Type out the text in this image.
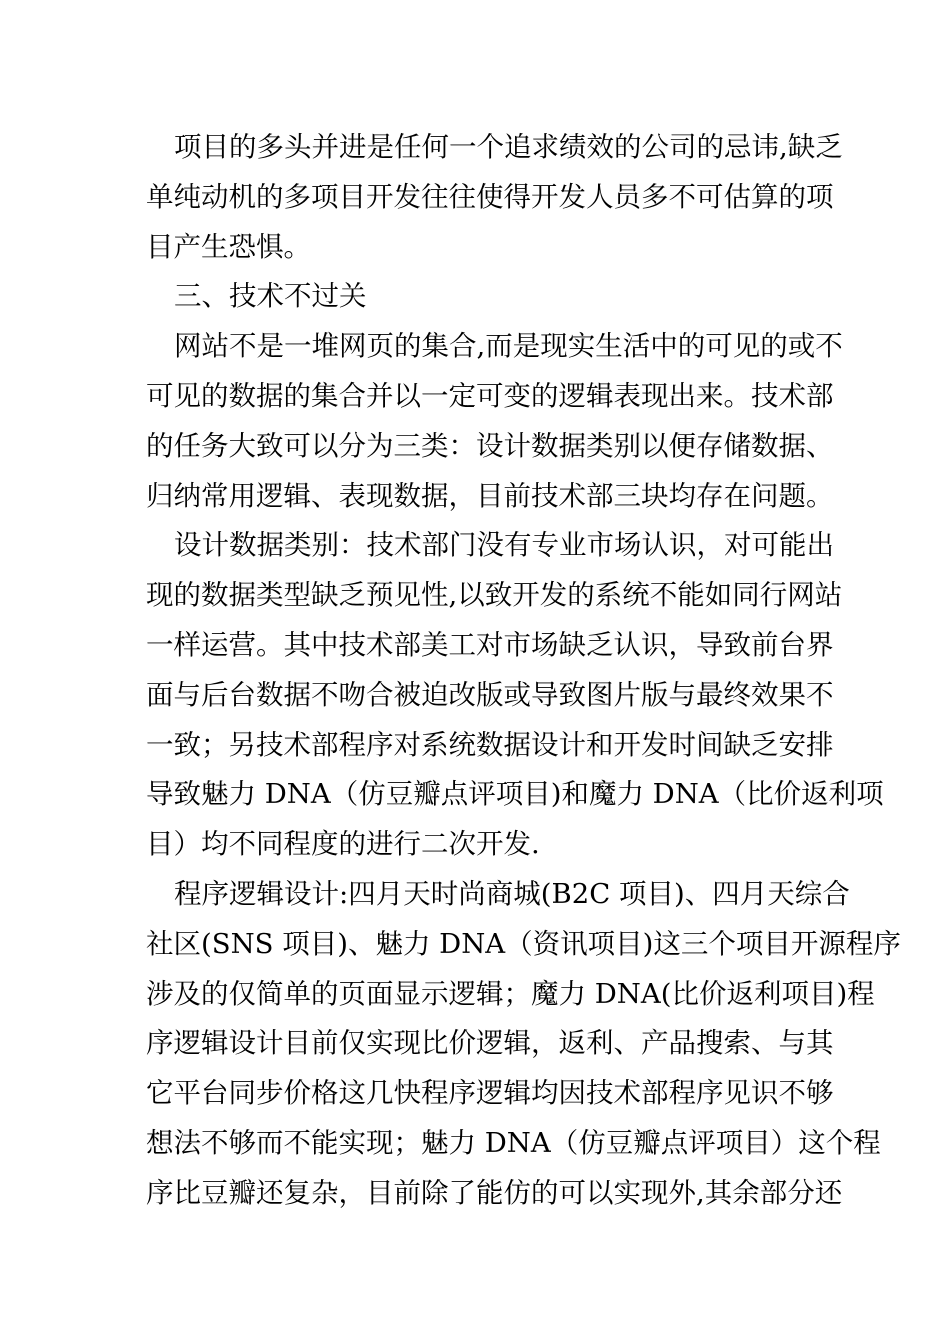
项目的多头并进是任何一个追求绩效的公司的忌讳,缺乏
单纯动机的多项目开发往往使得开发人员多不可估算的项
目产生恐惧。
三、技术不过关
网站不是一堆网页的集合,而是现实生活中的可见的或不
可见的数据的集合并以一定可变的逻辑表现出来。技术部
的任务大致可以分为三类：设计数据类别以便存储数据、
归纳常用逻辑、表现数据，目前技术部三块均存在问题。
设计数据类别：技术部门没有专业市场认识，对可能出
现的数据类型缺乏预见性,以致开发的系统不能如同行网站
一样运营。其中技术部美工对市场缺乏认识，导致前台界
面与后台数据不吻合被迫改版或导致图片版与最终效果不
一致；另技术部程序对系统数据设计和开发时间缺乏安排
导致魅力 DNA（仿豆瓣点评项目)和魔力 DNA（比价返利项
目）均不同程度的进行二次开发.
程序逻辑设计:四月天时尚商城(B2C 项目)、四月天综合
社区(SNS 项目)、魅力 DNA（资讯项目)这三个项目开源程序
涉及的仅简单的页面显示逻辑；魔力 DNA(比价返利项目)程
序逻辑设计目前仅实现比价逻辑，返利、产品搜索、与其
它平台同步价格这几快程序逻辑均因技术部程序见识不够
想法不够而不能实现；魅力 DNA（仿豆瓣点评项目）这个程
序比豆瓣还复杂，目前除了能仿的可以实现外,其余部分还
